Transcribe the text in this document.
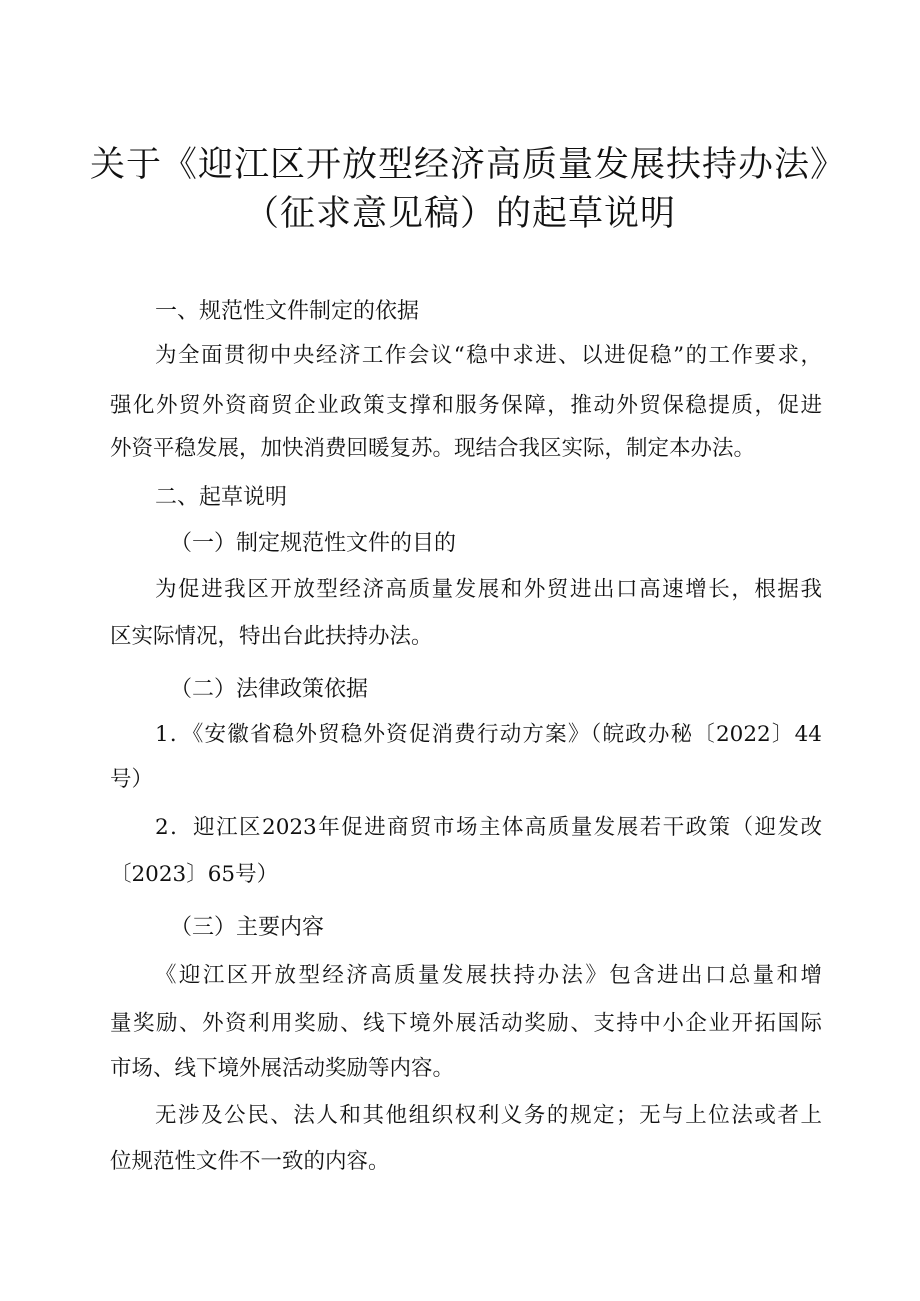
关于《迎江区开放型经济高质量发展扶持办法》
（征求意见稿）的起草说明
一、规范性文件制定的依据
为全面贯彻中央经济工作会议“稳中求进、以进促稳”的工作要求，
强化外贸外资商贸企业政策支撑和服务保障，推动外贸保稳提质，促进
外资平稳发展，加快消费回暖复苏。现结合我区实际，制定本办法。
二、起草说明
（一）制定规范性文件的目的
为促进我区开放型经济高质量发展和外贸进出口高速增长，根据我
区实际情况，特出台此扶持办法。
（二）法律政策依据
1．《安徽省稳外贸稳外资促消费行动方案》（皖政办秘〔2022〕44
号）
2．迎江区2023年促进商贸市场主体高质量发展若干政策（迎发改
〔2023〕65号）
（三）主要内容
《迎江区开放型经济高质量发展扶持办法》包含进出口总量和增
量奖励、外资利用奖励、线下境外展活动奖励、支持中小企业开拓国际
市场、线下境外展活动奖励等内容。
无涉及公民、法人和其他组织权利义务的规定；无与上位法或者上
位规范性文件不一致的内容。
